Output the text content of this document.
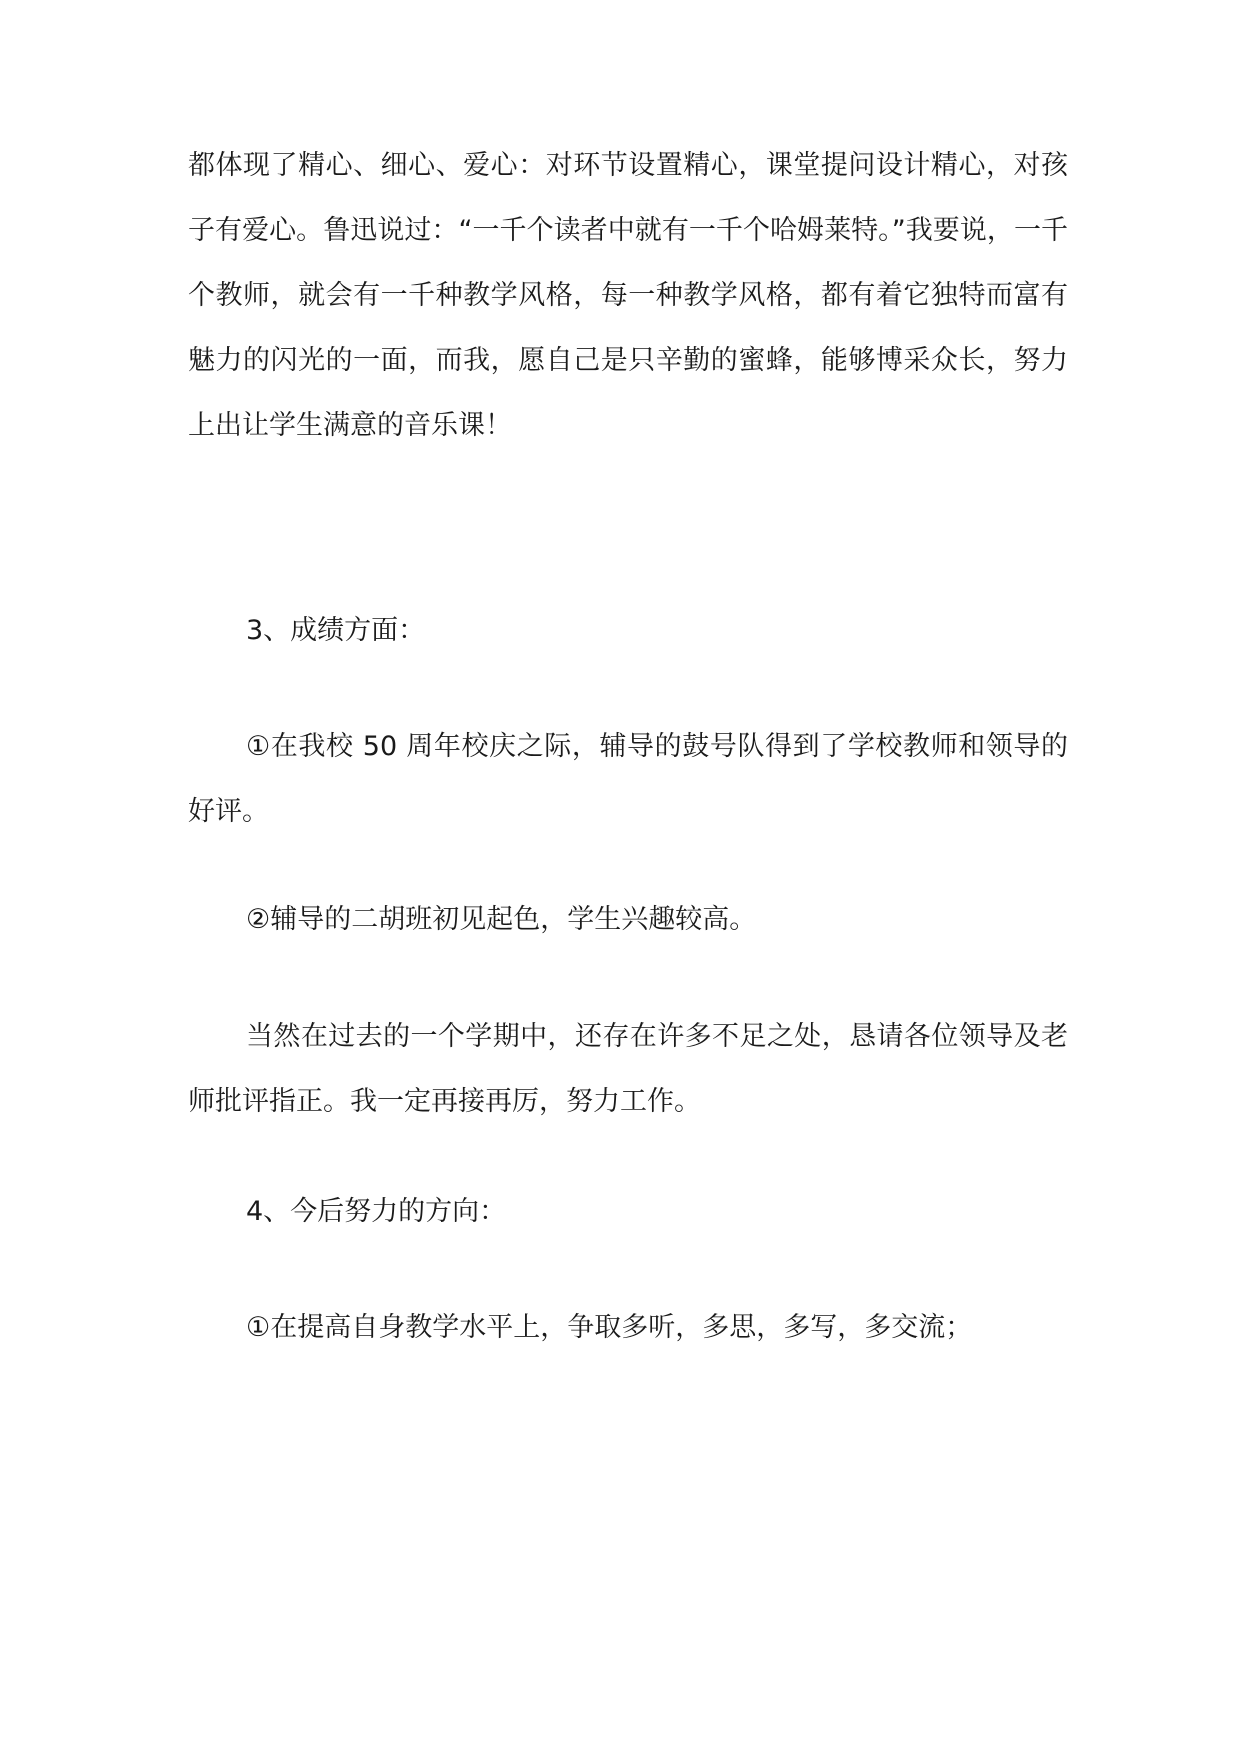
都体现了精心、细心、爱心：对环节设置精心，课堂提问设计精心，对孩子有爱心。鲁迅说过：“一千个读者中就有一千个哈姆莱特。”我要说，一千个教师，就会有一千种教学风格，每一种教学风格，都有着它独特而富有魅力的闪光的一面，而我，愿自己是只辛勤的蜜蜂，能够博采众长，努力上出让学生满意的音乐课！

3、成绩方面：

①在我校 50 周年校庆之际，辅导的鼓号队得到了学校教师和领导的好评。

②辅导的二胡班初见起色，学生兴趣较高。

当然在过去的一个学期中，还存在许多不足之处，恳请各位领导及老师批评指正。我一定再接再厉，努力工作。

4、今后努力的方向：

①在提高自身教学水平上，争取多听，多思，多写，多交流；
